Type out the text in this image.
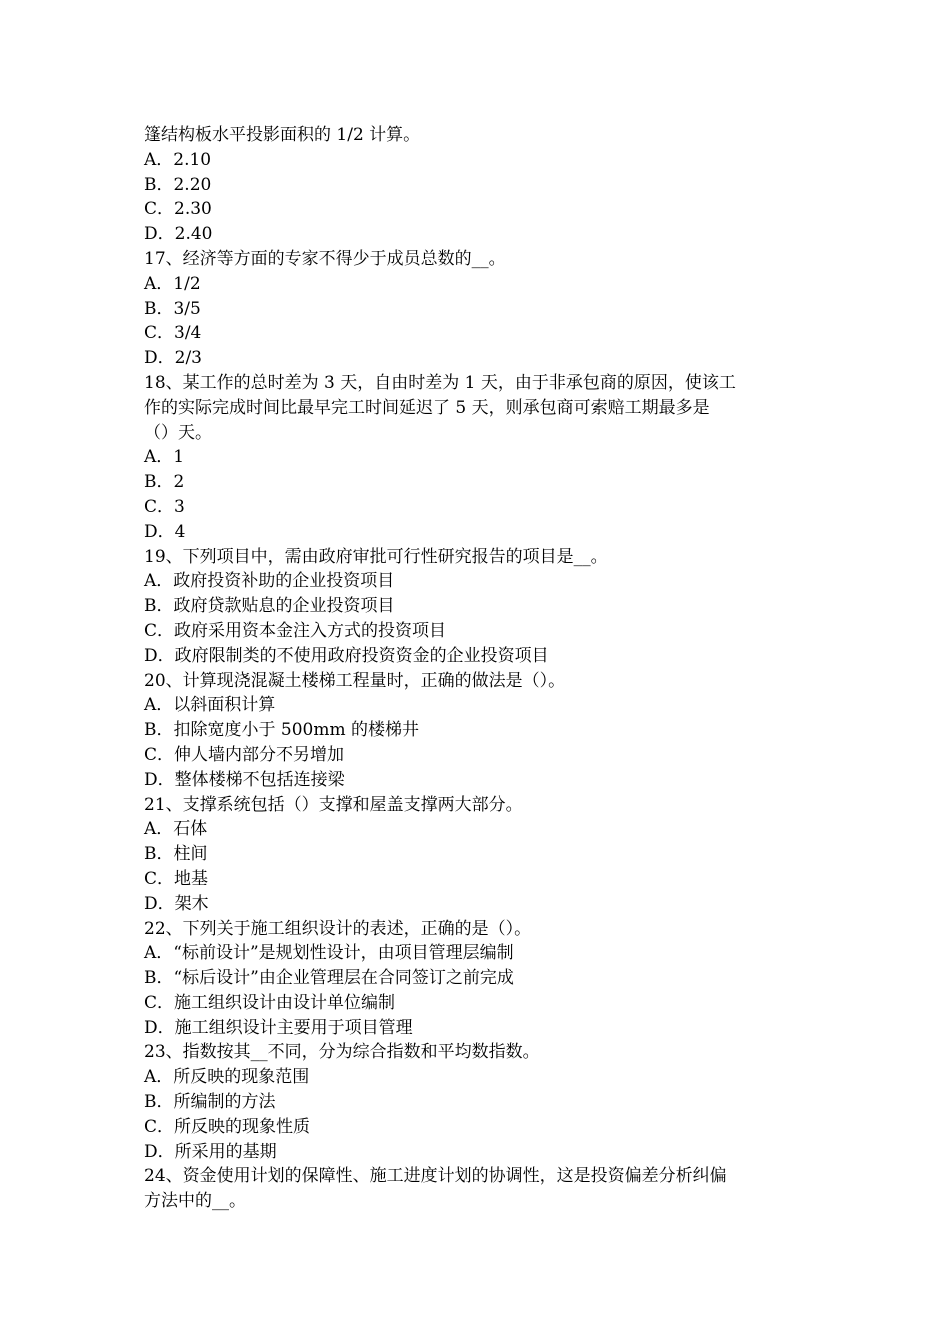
篷结构板水平投影面积的 1/2 计算。
A．2.10
B．2.20
C．2.30
D．2.40
17、经济等方面的专家不得少于成员总数的__。
A．1/2
B．3/5
C．3/4
D．2/3
18、某工作的总时差为 3 天，自由时差为 1 天，由于非承包商的原因，使该工
作的实际完成时间比最早完工时间延迟了 5 天，则承包商可索赔工期最多是
（）天。
A．1
B．2
C．3
D．4
19、下列项目中，需由政府审批可行性研究报告的项目是__。
A．政府投资补助的企业投资项目
B．政府贷款贴息的企业投资项目
C．政府采用资本金注入方式的投资项目
D．政府限制类的不使用政府投资资金的企业投资项目
20、计算现浇混凝土楼梯工程量时，正确的做法是（）。
A．以斜面积计算
B．扣除宽度小于 500mm 的楼梯井
C．伸人墙内部分不另增加
D．整体楼梯不包括连接梁
21、支撑系统包括（）支撑和屋盖支撑两大部分。
A．石体
B．柱间
C．地基
D．架木
22、下列关于施工组织设计的表述，正确的是（）。
A．“标前设计”是规划性设计，由项目管理层编制
B．“标后设计”由企业管理层在合同签订之前完成
C．施工组织设计由设计单位编制
D．施工组织设计主要用于项目管理
23、指数按其__不同，分为综合指数和平均数指数。
A．所反映的现象范围
B．所编制的方法
C．所反映的现象性质
D．所采用的基期
24、资金使用计划的保障性、施工进度计划的协调性，这是投资偏差分析纠偏
方法中的__。
